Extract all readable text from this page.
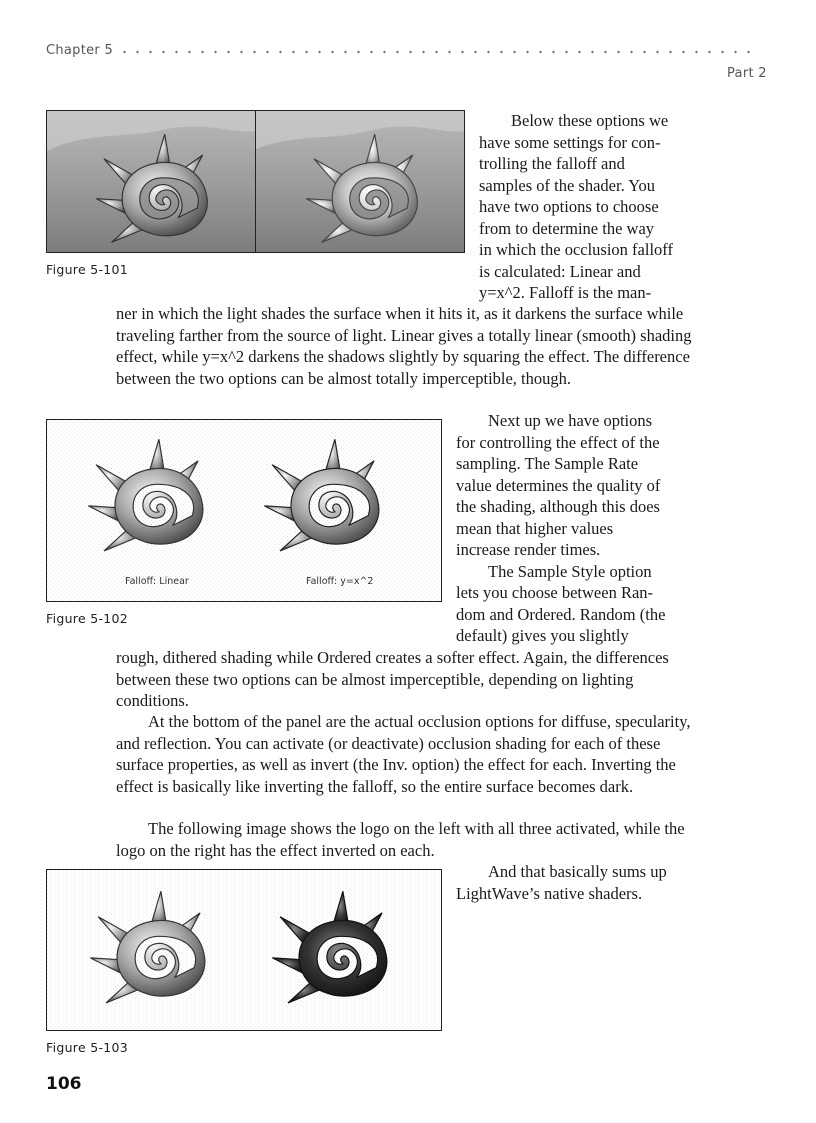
Chapter 5
Part 2
Figure 5-101

Below these options we

have some settings for con-

trolling the falloff and

samples of the shader. You

have two options to choose

from to determine the way

in which the occlusion falloff

is calculated: Linear and

y=x^2. Falloff is the man-

ner in which the light shades the surface when it hits it, as it darkens the surface while traveling farther from the source of light. Linear gives a totally linear (smooth) shading effect, while y=x^2 darkens the shadows slightly by squaring the effect. The difference between the two options can be almost totally imperceptible, though.

Falloff: Linear	Falloff: y=x^2
Figure 5-102

Next up we have options

for controlling the effect of the

sampling. The Sample Rate

value determines the quality of

the shading, although this does

mean that higher values

increase render times.

The Sample Style option

lets you choose between Ran-

dom and Ordered. Random (the

default) gives you slightly

rough, dithered shading while Ordered creates a softer effect. Again, the differences between these two options can be almost imperceptible, depending on lighting conditions.

At the bottom of the panel are the actual occlusion options for diffuse, specularity, and reflection. You can activate (or deactivate) occlusion shading for each of these surface properties, as well as invert (the Inv. option) the effect for each. Inverting the effect is basically like inverting the falloff, so the entire surface becomes dark.

The following image shows the logo on the left with all three activated, while the logo on the right has the effect inverted on each.

Figure 5-103

And that basically sums up

LightWave’s native shaders.

106
